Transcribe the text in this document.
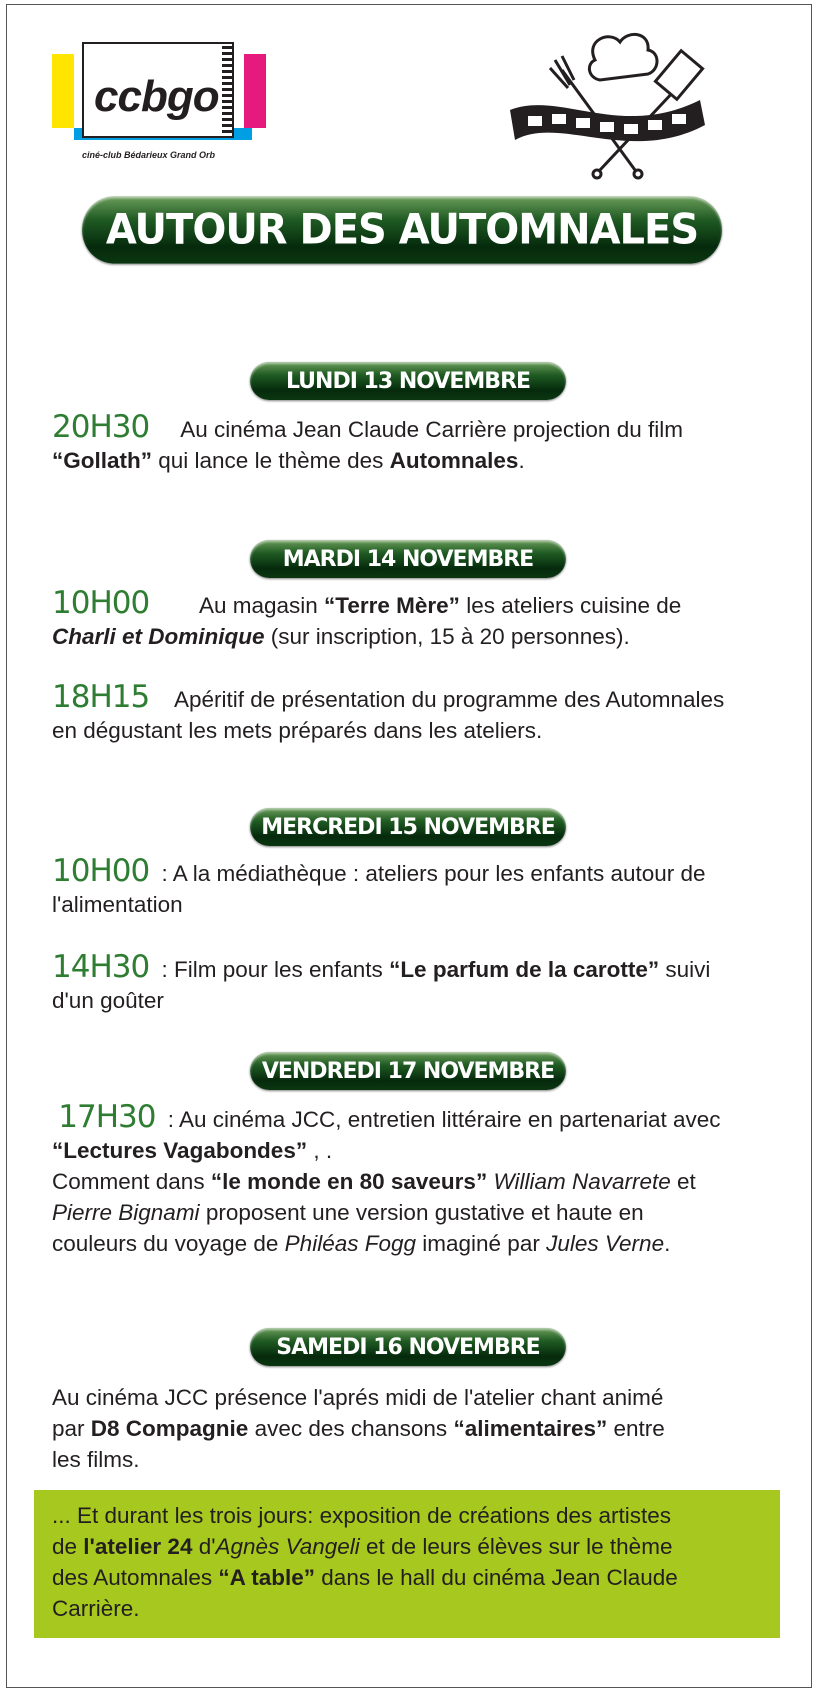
ccbgo
ciné-club Bédarieux Grand Orb
AUTOUR DES AUTOMNALES
LUNDI 13 NOVEMBRE
20H30 Au cinéma Jean Claude Carrière projection du film
“Gollath” qui lance le thème des Automnales.
MARDI 14 NOVEMBRE
10H00 Au magasin “Terre Mère” les ateliers cuisine de
Charli et Dominique (sur inscription, 15 à 20 personnes).
18H15 Apéritif de présentation du programme des Automnales
en dégustant les mets préparés dans les ateliers.
MERCREDI 15 NOVEMBRE
10H00 : A la médiathèque : ateliers pour les enfants autour de
l'alimentation
14H30 : Film pour les enfants “Le parfum de la carotte” suivi
d'un goûter
VENDREDI 17 NOVEMBRE
17H30 : Au cinéma JCC, entretien littéraire en partenariat avec
“Lectures Vagabondes” , .
Comment dans “le monde en 80 saveurs” William Navarrete et
Pierre Bignami proposent une version gustative et haute en
couleurs du voyage de Philéas Fogg imaginé par Jules Verne.
SAMEDI 16 NOVEMBRE
Au cinéma JCC présence l'aprés midi de l'atelier chant animé
par D8 Compagnie avec des chansons “alimentaires” entre
les films.
... Et durant les trois jours: exposition de créations des artistes
de l'atelier 24 d'Agnès Vangeli et de leurs élèves sur le thème
des Automnales “A table” dans le hall du cinéma Jean Claude
Carrière.
